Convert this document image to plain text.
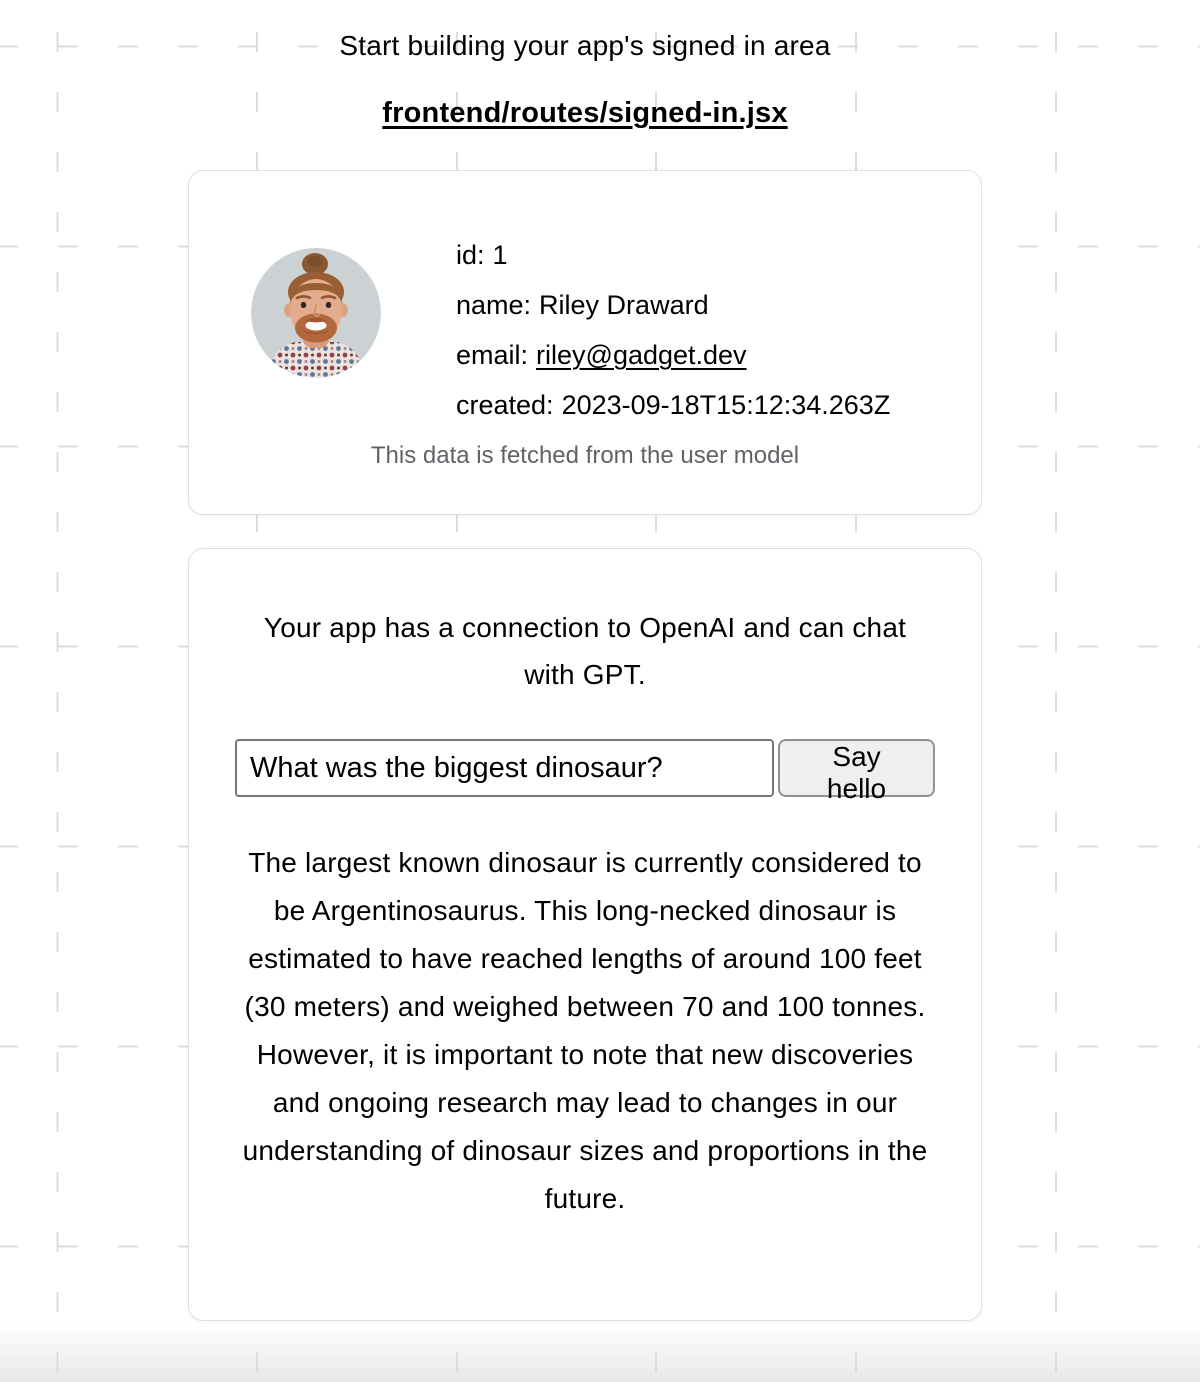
Start building your app's signed in area
frontend/routes/signed-in.jsx
id: 1
name: Riley Draward
email: riley@gadget.dev
created: 2023-09-18T15:12:34.263Z

This data is fetched from the user model

Your app has a connection to OpenAI and can chat with GPT.

What was the biggest dinosaur?
Say hello

The largest known dinosaur is currently considered to be Argentinosaurus. This long-necked dinosaur is estimated to have reached lengths of around 100 feet (30 meters) and weighed between 70 and 100 tonnes. However, it is important to note that new discoveries and ongoing research may lead to changes in our understanding of dinosaur sizes and proportions in the future.
